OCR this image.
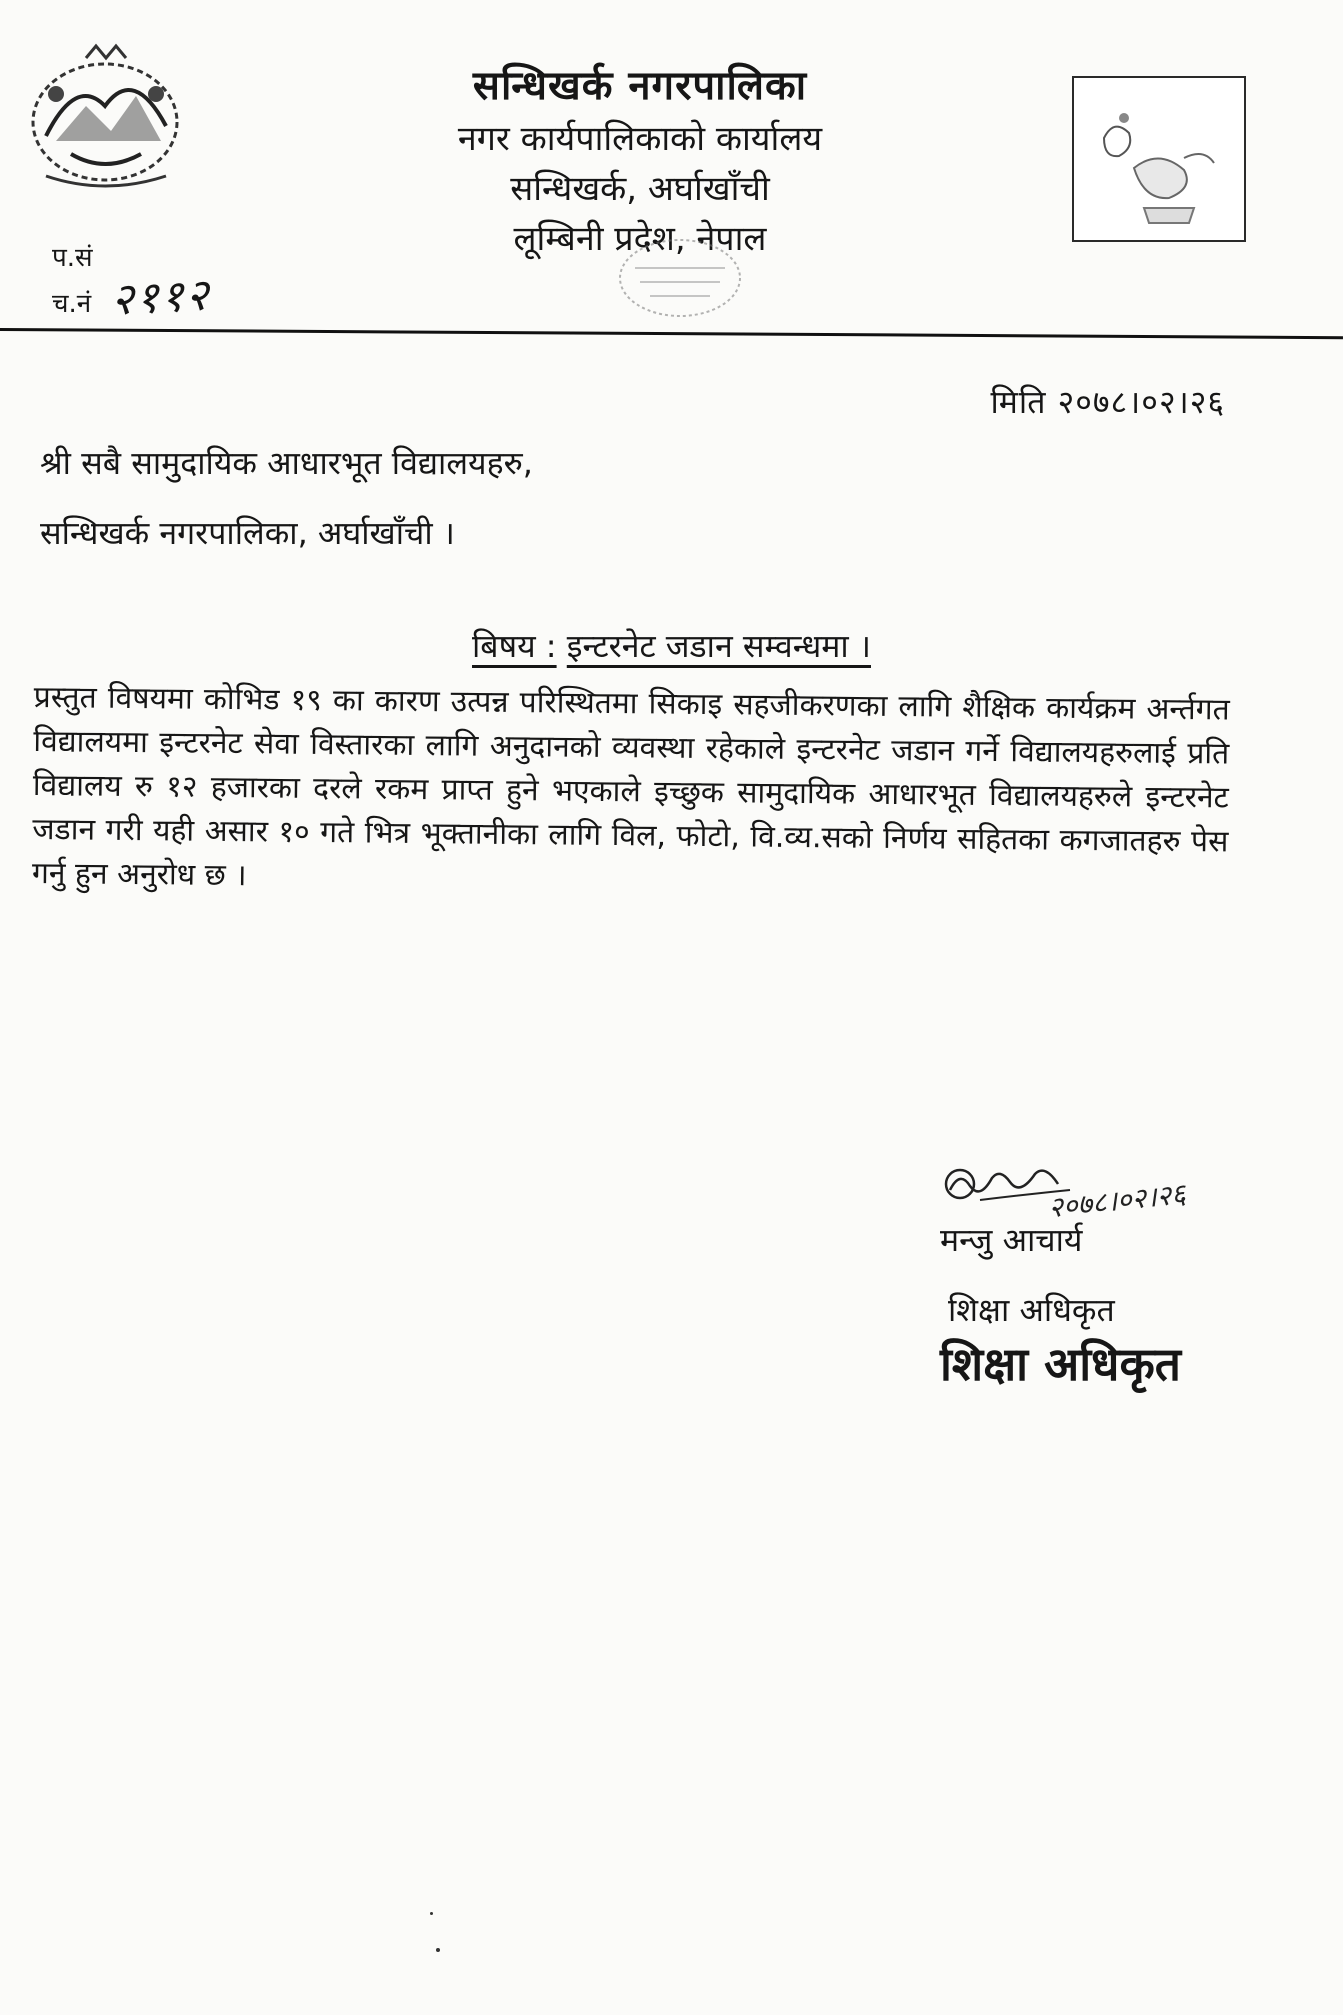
सन्धिखर्क नगरपालिका
नगर कार्यपालिकाको कार्यालय
सन्धिखर्क, अर्घाखाँची
लूम्बिनी प्रदेश, नेपाल
प.सं
च.नं २११२
मिति २०७८।०२।२६
श्री सबै सामुदायिक आधारभूत विद्यालयहरु,
सन्धिखर्क नगरपालिका, अर्घाखाँची ।
बिषय : इन्टरनेट जडान सम्वन्धमा ।

प्रस्तुत विषयमा कोभिड १९ का कारण उत्पन्न परिस्थितमा सिकाइ सहजीकरणका लागि शैक्षिक कार्यक्रम अर्न्तगत विद्यालयमा इन्टरनेट सेवा विस्तारका लागि अनुदानको व्यवस्था रहेकाले इन्टरनेट जडान गर्ने विद्यालयहरुलाई प्रति विद्यालय रु १२ हजारका दरले रकम प्राप्त हुने भएकाले इच्छुक सामुदायिक आधारभूत विद्यालयहरुले इन्टरनेट जडान गरी यही असार १० गते भित्र भूक्तानीका लागि विल, फोटो, वि.व्य.सको निर्णय सहितका कगजातहरु पेस गर्नु हुन अनुरोध छ ।

२०७८।०२।२६
मन्जु आचार्य
शिक्षा अधिकृत
शिक्षा अधिकृत
